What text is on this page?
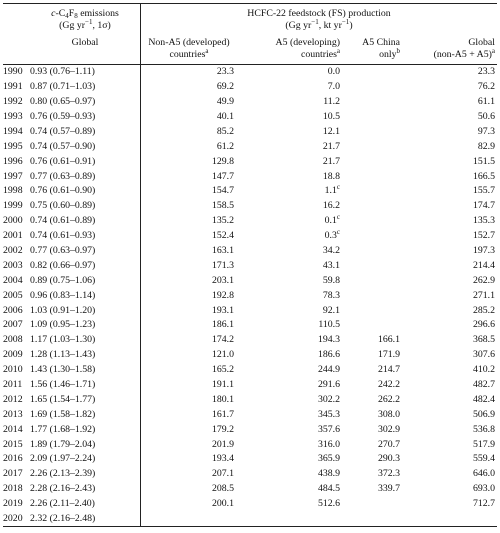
	$c-C_4F_8$ emissions
(Gg $yr^{-1}$, 1σ)	HCFC-22 feedstock (FS) production
(Gg $yr^{-1}$, kt $yr^{-1}$)			
	Global	Non-A5 (developed)
countries$^a$	A5 (developing)
countries$^a$	A5 China
only$^b$	Global
$(non-A5 + A5)^a$
1990	0.93 (0.76–1.11)	23.3	0.0		23.3
1991	0.87 (0.71–1.03)	69.2	7.0		76.2
1992	0.80 (0.65–0.97)	49.9	11.2		61.1
1993	0.76 (0.59–0.93)	40.1	10.5		50.6
1994	0.74 (0.57–0.89)	85.2	12.1		97.3
1995	0.74 (0.57–0.90)	61.2	21.7		82.9
1996	0.76 (0.61–0.91)	129.8	21.7		151.5
1997	0.77 (0.63–0.89)	147.7	18.8		166.5
1998	0.76 (0.61–0.90)	154.7	1.1$^c$		155.7
1999	0.75 (0.60–0.89)	158.5	16.2		174.7
2000	0.74 (0.61–0.89)	135.2	0.1$^c$		135.3
2001	0.74 (0.61–0.93)	152.4	0.3$^c$		152.7
2002	0.77 (0.63–0.97)	163.1	34.2		197.3
2003	0.82 (0.66–0.97)	171.3	43.1		214.4
2004	0.89 (0.75–1.06)	203.1	59.8		262.9
2005	0.96 (0.83–1.14)	192.8	78.3		271.1
2006	1.03 (0.91–1.20)	193.1	92.1		285.2
2007	1.09 (0.95–1.23)	186.1	110.5		296.6
2008	1.17 (1.03–1.30)	174.2	194.3	166.1	368.5
2009	1.28 (1.13–1.43)	121.0	186.6	171.9	307.6
2010	1.43 (1.30–1.58)	165.2	244.9	214.7	410.2
2011	1.56 (1.46–1.71)	191.1	291.6	242.2	482.7
2012	1.65 (1.54–1.77)	180.1	302.2	262.2	482.4
2013	1.69 (1.58–1.82)	161.7	345.3	308.0	506.9
2014	1.77 (1.68–1.92)	179.2	357.6	302.9	536.8
2015	1.89 (1.79–2.04)	201.9	316.0	270.7	517.9
2016	2.09 (1.97–2.24)	193.4	365.9	290.3	559.4
2017	2.26 (2.13–2.39)	207.1	438.9	372.3	646.0
2018	2.28 (2.16–2.43)	208.5	484.5	339.7	693.0
2019	2.26 (2.11–2.40)	200.1	512.6		712.7
2020	2.32 (2.16–2.48)				
